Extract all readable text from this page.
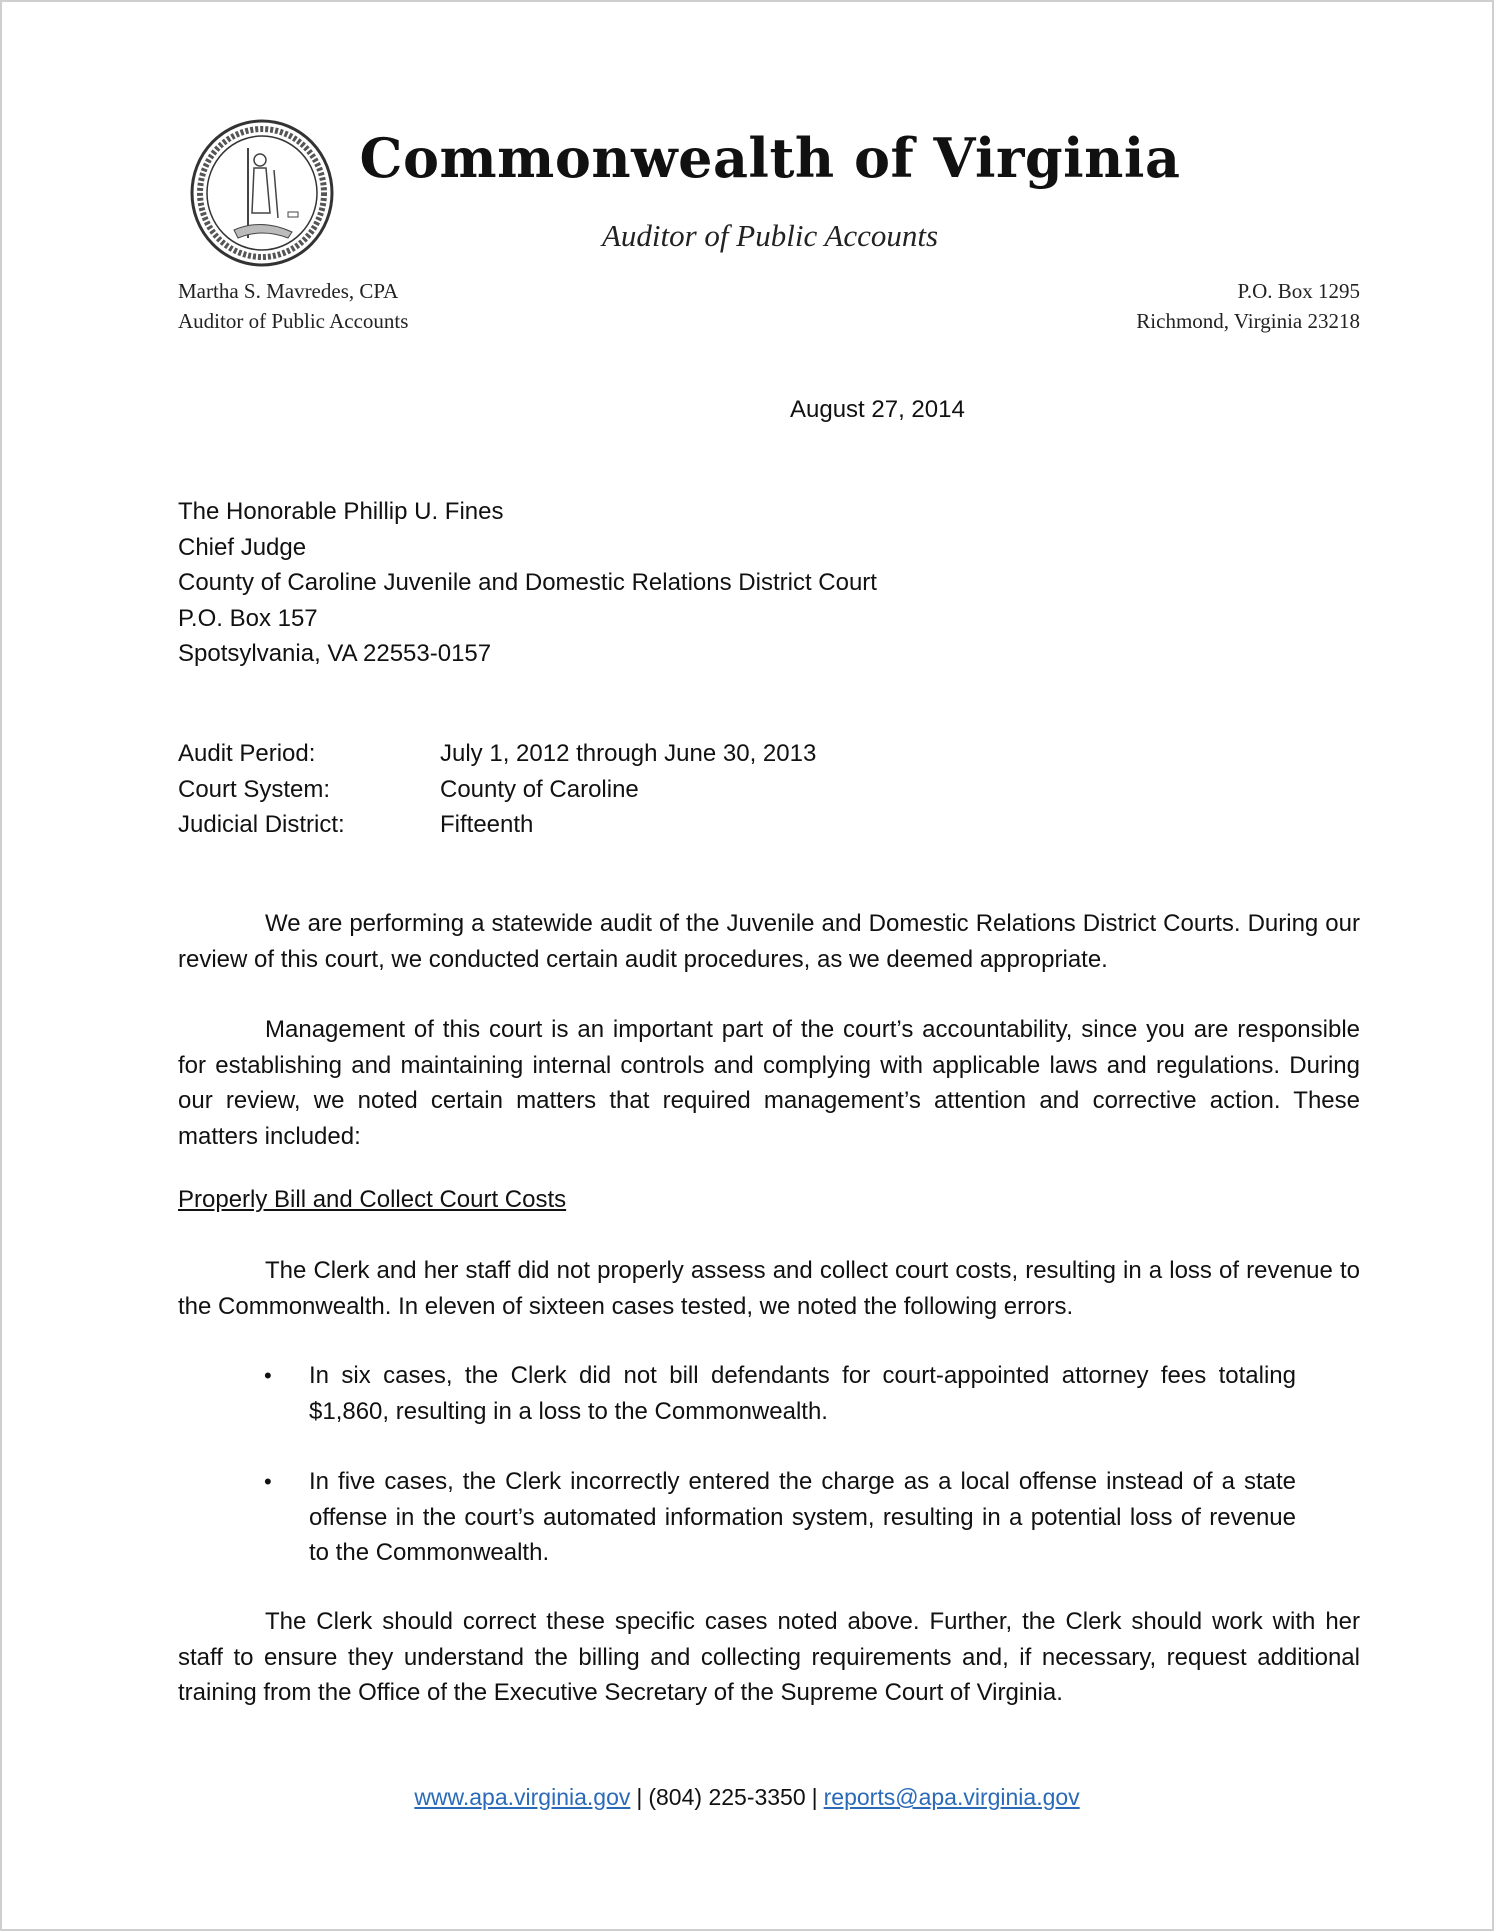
Commonwealth of Virginia
Auditor of Public Accounts
Martha S. Mavredes, CPA
Auditor of Public Accounts
P.O. Box 1295
Richmond, Virginia 23218
August 27, 2014
The Honorable Phillip U. Fines
Chief Judge
County of Caroline Juvenile and Domestic Relations District Court
P.O. Box 157
Spotsylvania, VA 22553-0157
Audit Period:	July 1, 2012 through June 30, 2013
Court System:	County of Caroline
Judicial District:	Fifteenth
We are performing a statewide audit of the Juvenile and Domestic Relations District Courts. During our review of this court, we conducted certain audit procedures, as we deemed appropriate.
Management of this court is an important part of the court’s accountability, since you are responsible for establishing and maintaining internal controls and complying with applicable laws and regulations. During our review, we noted certain matters that required management’s attention and corrective action. These matters included:
Properly Bill and Collect Court Costs
The Clerk and her staff did not properly assess and collect court costs, resulting in a loss of revenue to the Commonwealth. In eleven of sixteen cases tested, we noted the following errors.
•	In six cases, the Clerk did not bill defendants for court-appointed attorney fees totaling $1,860, resulting in a loss to the Commonwealth.
•	In five cases, the Clerk incorrectly entered the charge as a local offense instead of a state offense in the court’s automated information system, resulting in a potential loss of revenue to the Commonwealth.
The Clerk should correct these specific cases noted above. Further, the Clerk should work with her staff to ensure they understand the billing and collecting requirements and, if necessary, request additional training from the Office of the Executive Secretary of the Supreme Court of Virginia.
www.apa.virginia.gov | (804) 225-3350 | reports@apa.virginia.gov
